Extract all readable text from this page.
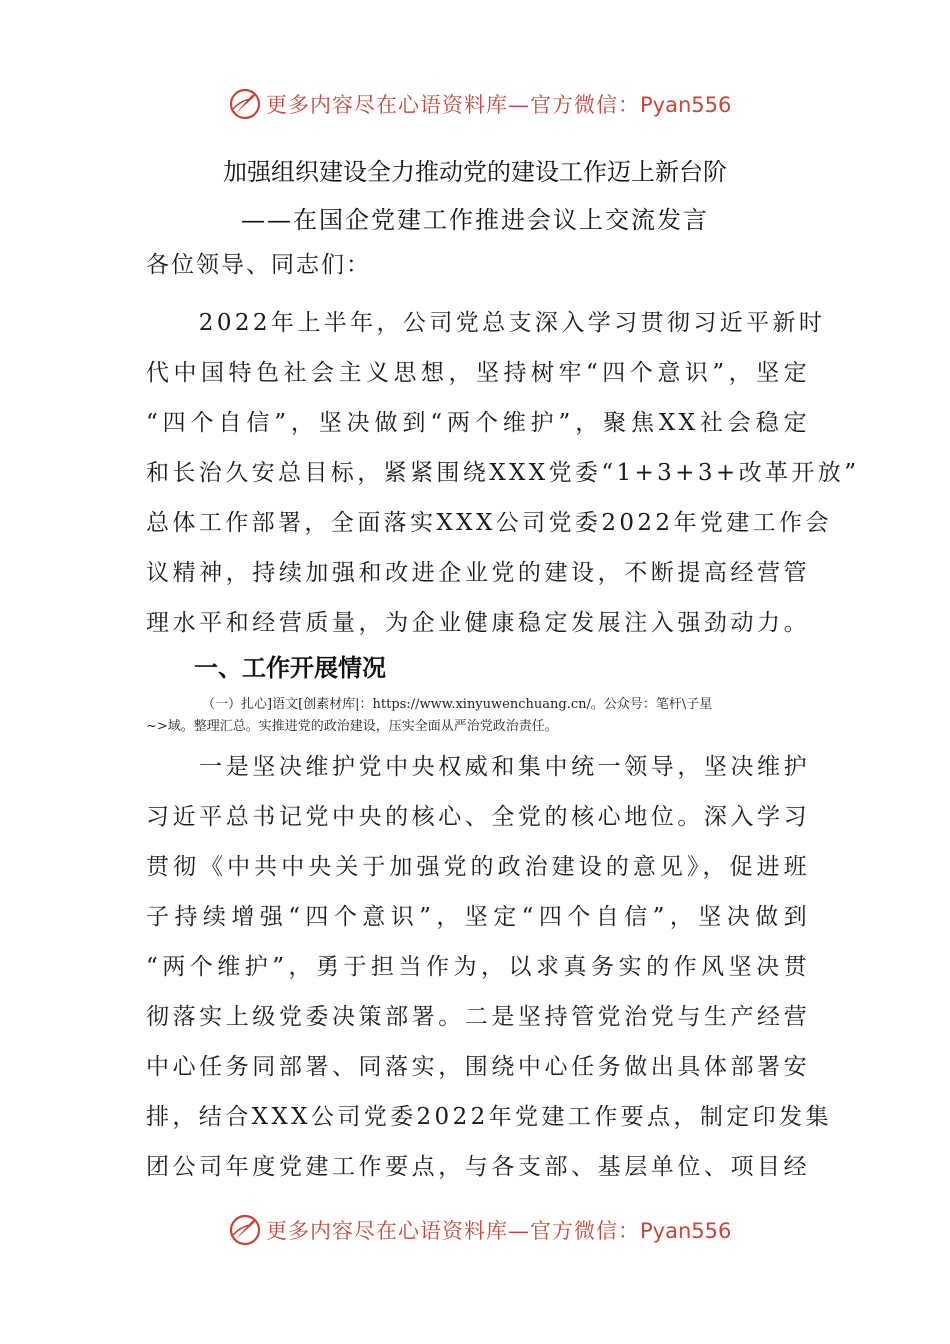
更多内容尽在心语资料库—官方微信：Pyan556
加强组织建设全力推动党的建设工作迈上新台阶
——在国企党建工作推进会议上交流发言
各位领导、同志们：
　　2022年上半年，公司党总支深入学习贯彻习近平新时
代中国特色社会主义思想，坚持树牢“四个意识”，坚定
“四个自信”，坚决做到“两个维护”，聚焦XX社会稳定
和长治久安总目标，紧紧围绕XXX党委“1+3+3+改革开放”
总体工作部署，全面落实XXX公司党委2022年党建工作会
议精神，持续加强和改进企业党的建设，不断提高经营管
理水平和经营质量，为企业健康稳定发展注入强劲动力。
一、工作开展情况
（一）扎心]语文[创素材库|：https://www.xinyuwenchuang.cn/。公众号：笔杆\子星
~>域。整理汇总。实推进党的政治建设，压实全面从严治党政治责任。
　　一是坚决维护党中央权威和集中统一领导，坚决维护
习近平总书记党中央的核心、全党的核心地位。深入学习
贯彻《中共中央关于加强党的政治建设的意见》，促进班
子持续增强“四个意识”，坚定“四个自信”，坚决做到
“两个维护”，勇于担当作为，以求真务实的作风坚决贯
彻落实上级党委决策部署。二是坚持管党治党与生产经营
中心任务同部署、同落实，围绕中心任务做出具体部署安
排，结合XXX公司党委2022年党建工作要点，制定印发集
团公司年度党建工作要点，与各支部、基层单位、项目经
更多内容尽在心语资料库—官方微信：Pyan556
